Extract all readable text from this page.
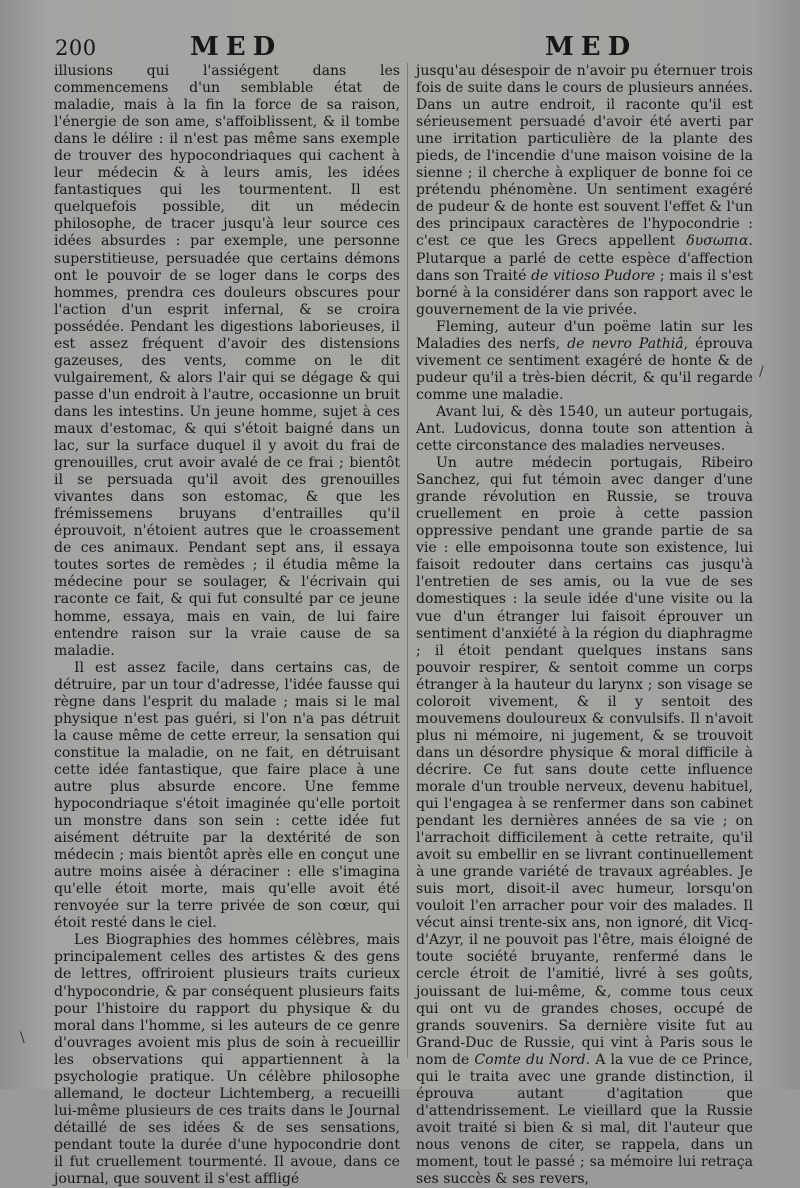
200	MED	MED

illusions qui l'assiégent dans les commencemens d'un semblable état de maladie, mais à la fin la force de sa raison, l'énergie de son ame, s'affoiblissent, & il tombe dans le délire : il n'est pas même sans exemple de trouver des hypocondriaques qui cachent à leur médecin & à leurs amis, les idées fantastiques qui les tourmentent. Il est quelquefois possible, dit un médecin philosophe, de tracer jusqu'à leur source ces idées absurdes : par exemple, une personne superstitieuse, persuadée que certains démons ont le pouvoir de se loger dans le corps des hommes, prendra ces douleurs obscures pour l'action d'un esprit infernal, & se croira possédée. Pendant les digestions laborieuses, il est assez fréquent d'avoir des distensions gazeuses, des vents, comme on le dit vulgairement, & alors l'air qui se dégage & qui passe d'un endroit à l'autre, occasionne un bruit dans les intestins. Un jeune homme, sujet à ces maux d'estomac, & qui s'étoit baigné dans un lac, sur la surface duquel il y avoit du frai de grenouilles, crut avoir avalé de ce frai ; bientôt il se persuada qu'il avoit des grenouilles vivantes dans son estomac, & que les frémissemens bruyans d'entrailles qu'il éprouvoit, n'étoient autres que le croassement de ces animaux. Pendant sept ans, il essaya toutes sortes de remèdes ; il étudia même la médecine pour se soulager, & l'écrivain qui raconte ce fait, & qui fut consulté par ce jeune homme, essaya, mais en vain, de lui faire entendre raison sur la vraie cause de sa maladie.

Il est assez facile, dans certains cas, de détruire, par un tour d'adresse, l'idée fausse qui règne dans l'esprit du malade ; mais si le mal physique n'est pas guéri, si l'on n'a pas détruit la cause même de cette erreur, la sensation qui constitue la maladie, on ne fait, en détruisant cette idée fantastique, que faire place à une autre plus absurde encore. Une femme hypocondriaque s'étoit imaginée qu'elle portoit un monstre dans son sein : cette idée fut aisément détruite par la dextérité de son médecin ; mais bientôt après elle en conçut une autre moins aisée à déraciner : elle s'imagina qu'elle étoit morte, mais qu'elle avoit été renvoyée sur la terre privée de son cœur, qui étoit resté dans le ciel.

Les Biographies des hommes célèbres, mais principalement celles des artistes & des gens de lettres, offriroient plusieurs traits curieux d'hypocondrie, & par conséquent plusieurs faits pour l'histoire du rapport du physique & du moral dans l'homme, si les auteurs de ce genre d'ouvrages avoient mis plus de soin à recueillir les observations qui appartiennent à la psychologie pratique. Un célèbre philosophe allemand, le docteur Lichtemberg, a recueilli lui-même plusieurs de ces traits dans le Journal détaillé de ses idées & de ses sensations, pendant toute la durée d'une hypocondrie dont il fut cruellement tourmenté. Il avoue, dans ce journal, que souvent il s'est affligé

jusqu'au désespoir de n'avoir pu éternuer trois fois de suite dans le cours de plusieurs années. Dans un autre endroit, il raconte qu'il est sérieusement persuadé d'avoir été averti par une irritation particulière de la plante des pieds, de l'incendie d'une maison voisine de la sienne ; il cherche à expliquer de bonne foi ce prétendu phénomène. Un sentiment exagéré de pudeur & de honte est souvent l'effet & l'un des principaux caractères de l'hypocondrie : c'est ce que les Grecs appellent δυσωπια. Plutarque a parlé de cette espèce d'affection dans son Traité de vitioso Pudore ; mais il s'est borné à la considérer dans son rapport avec le gouvernement de la vie privée.

Fleming, auteur d'un poëme latin sur les Maladies des nerfs, de nevro Pathiâ, éprouva vivement ce sentiment exagéré de honte & de pudeur qu'il a très-bien décrit, & qu'il regarde comme une maladie.

Avant lui, & dès 1540, un auteur portugais, Ant. Ludovicus, donna toute son attention à cette circonstance des maladies nerveuses.

Un autre médecin portugais, Ribeiro Sanchez, qui fut témoin avec danger d'une grande révolution en Russie, se trouva cruellement en proie à cette passion oppressive pendant une grande partie de sa vie : elle empoisonna toute son existence, lui faisoit redouter dans certains cas jusqu'à l'entretien de ses amis, ou la vue de ses domestiques : la seule idée d'une visite ou la vue d'un étranger lui faisoit éprouver un sentiment d'anxiété à la région du diaphragme ; il étoit pendant quelques instans sans pouvoir respirer, & sentoit comme un corps étranger à la hauteur du larynx ; son visage se coloroit vivement, & il y sentoit des mouvemens douloureux & convulsifs. Il n'avoit plus ni mémoire, ni jugement, & se trouvoit dans un désordre physique & moral difficile à décrire. Ce fut sans doute cette influence morale d'un trouble nerveux, devenu habituel, qui l'engagea à se renfermer dans son cabinet pendant les dernières années de sa vie ; on l'arrachoit difficilement à cette retraite, qu'il avoit su embellir en se livrant continuellement à une grande variété de travaux agréables. Je suis mort, disoit-il avec humeur, lorsqu'on vouloit l'en arracher pour voir des malades. Il vécut ainsi trente-six ans, non ignoré, dit Vicq-d'Azyr, il ne pouvoit pas l'être, mais éloigné de toute société bruyante, renfermé dans le cercle étroit de l'amitié, livré à ses goûts, jouissant de lui-même, &, comme tous ceux qui ont vu de grandes choses, occupé de grands souvenirs. Sa dernière visite fut au Grand-Duc de Russie, qui vint à Paris sous le nom de Comte du Nord. A la vue de ce Prince, qui le traita avec une grande distinction, il éprouva autant d'agitation que d'attendrissement. Le vieillard que la Russie avoit traité si bien & si mal, dit l'auteur que nous venons de citer, se rappela, dans un moment, tout le passé ; sa mémoire lui retraça ses succès & ses revers,

\
/
